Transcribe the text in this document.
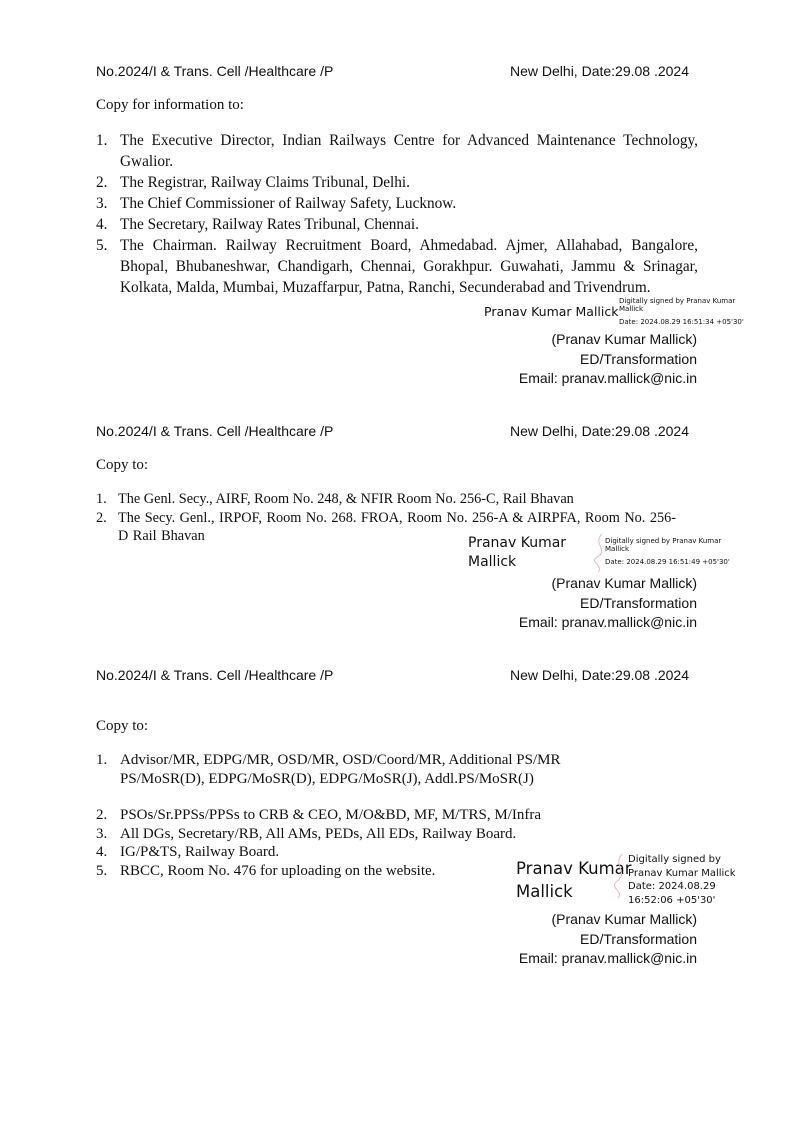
No.2024/I & Trans. Cell /Healthcare /P	New Delhi, Date:29.08 .2024
Copy for information to:
1. The Executive Director, Indian Railways Centre for Advanced Maintenance Technology, Gwalior.
2. The Registrar, Railway Claims Tribunal, Delhi.
3. The Chief Commissioner of Railway Safety, Lucknow.
4. The Secretary, Railway Rates Tribunal, Chennai.
5. The Chairman. Railway Recruitment Board, Ahmedabad. Ajmer, Allahabad, Bangalore, Bhopal, Bhubaneshwar, Chandigarh, Chennai, Gorakhpur. Guwahati, Jammu & Srinagar, Kolkata, Malda, Mumbai, Muzaffarpur, Patna, Ranchi, Secunderabad and Trivendrum.
Pranav Kumar Mallick
Digitally signed by Pranav Kumar Mallick
Date: 2024.08.29 16:51:34 +05'30'
(Pranav Kumar Mallick)
ED/Transformation
Email: pranav.mallick@nic.in
No.2024/I & Trans. Cell /Healthcare /P	New Delhi, Date:29.08 .2024
Copy to:
1. The Genl. Secy., AIRF, Room No. 248, & NFIR Room No. 256-C, Rail Bhavan
2. The Secy. Genl., IRPOF, Room No. 268. FROA, Room No. 256-A & AIRPFA, Room No. 256-D Rail Bhavan	Pranav Kumar
Mallick
Digitally signed by Pranav Kumar Mallick
Date: 2024.08.29 16:51:49 +05'30'
(Pranav Kumar Mallick)
ED/Transformation
Email: pranav.mallick@nic.in
No.2024/I & Trans. Cell /Healthcare /P	New Delhi, Date:29.08 .2024
Copy to:
1. Advisor/MR, EDPG/MR, OSD/MR, OSD/Coord/MR, Additional PS/MR PS/MoSR(D), EDPG/MoSR(D), EDPG/MoSR(J), Addl.PS/MoSR(J)
2. PSOs/Sr.PPSs/PPSs to CRB & CEO, M/O&BD, MF, M/TRS, M/Infra
3. All DGs, Secretary/RB, All AMs, PEDs, All EDs, Railway Board.
4. IG/P&TS, Railway Board.
5. RBCC, Room No. 476 for uploading on the website.	Pranav Kumar
Mallick
Digitally signed by
Pranav Kumar Mallick
Date: 2024.08.29
16:52:06 +05'30'
(Pranav Kumar Mallick)
ED/Transformation
Email: pranav.mallick@nic.in
